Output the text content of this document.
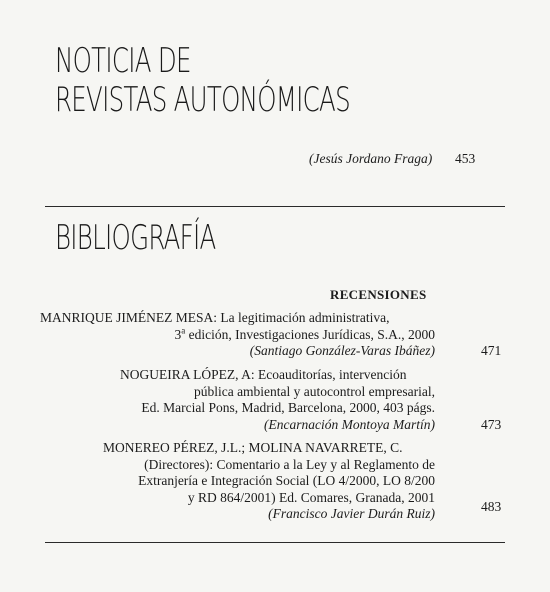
NOTICIA DE
REVISTAS AUTONÓMICAS
(Jesús Jordano Fraga) 453
BIBLIOGRAFÍA
RECENSIONES
MANRIQUE JIMÉNEZ MESA: La legitimación administrativa,
3$^a$ edición, Investigaciones Jurídicas, S.A., 2000
(Santiago González-Varas Ibáñez)	471
NOGUEIRA LÓPEZ, A: Ecoauditorías, intervención
pública ambiental y autocontrol empresarial,
Ed. Marcial Pons, Madrid, Barcelona, 2000, 403 págs.
(Encarnación Montoya Martín)	473
MONEREO PÉREZ, J.L.; MOLINA NAVARRETE, C.
(Directores): Comentario a la Ley y al Reglamento de
Extranjería e Integración Social (LO 4/2000, LO 8/200
y RD 864/2001) Ed. Comares, Granada, 2001
(Francisco Javier Durán Ruiz)	483
